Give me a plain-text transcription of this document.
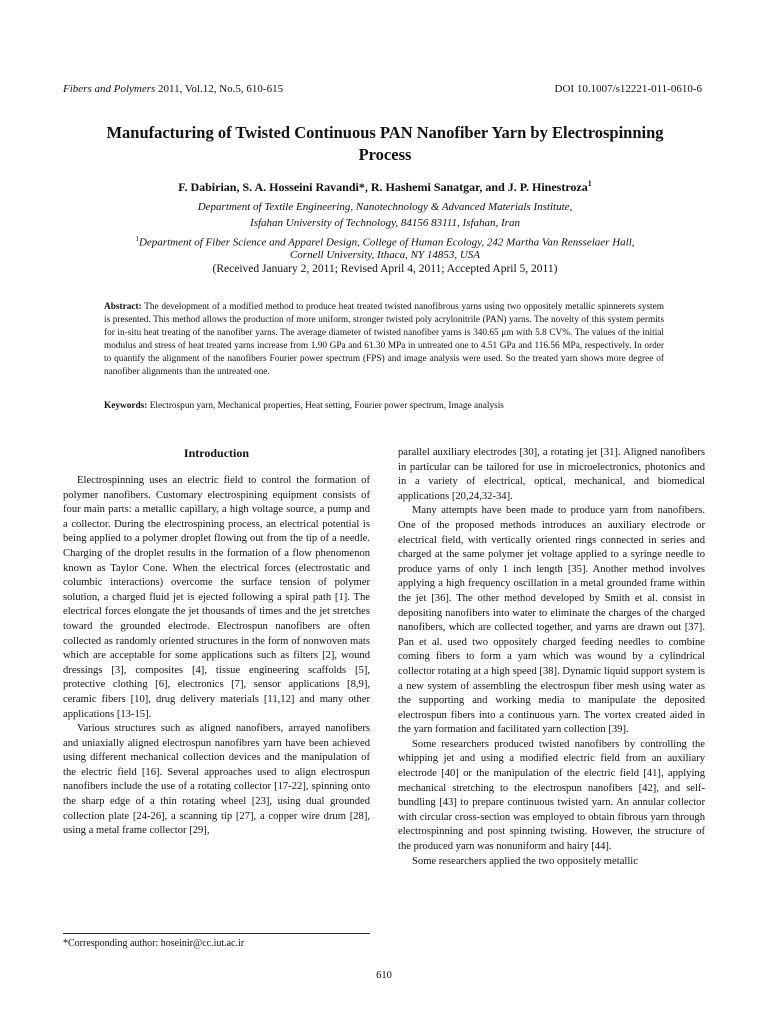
Fibers and Polymers 2011, Vol.12, No.5, 610-615	DOI 10.1007/s12221-011-0610-6
Manufacturing of Twisted Continuous PAN Nanofiber Yarn by Electrospinning Process
F. Dabirian, S. A. Hosseini Ravandi*, R. Hashemi Sanatgar, and J. P. Hinestroza$^1$
Department of Textile Engineering, Nanotechnology & Advanced Materials Institute,
Isfahan University of Technology, 84156 83111, Isfahan, Iran
$^1$Department of Fiber Science and Apparel Design, College of Human Ecology, 242 Martha Van Rensselaer Hall,
Cornell University, Ithaca, NY 14853, USA
(Received January 2, 2011; Revised April 4, 2011; Accepted April 5, 2011)
Abstract: The development of a modified method to produce heat treated twisted nanofibrous yarns using two oppositely metallic spinnerets system is presented. This method allows the production of more uniform, stronger twisted poly acrylonitrile (PAN) yarns. The novelty of this system permits for in-situ heat treating of the nanofiber yarns. The average diameter of twisted nanofiber yarns is 340.65 μm with 5.8 CV%. The values of the initial modulus and stress of heat treated yarns increase from 1.90 GPa and 61.30 MPa in untreated one to 4.51 GPa and 116.56 MPa, respectively. In order to quantify the alignment of the nanofibers Fourier power spectrum (FPS) and image analysis were used. So the treated yarn shows more degree of nanofiber alignments than the untreated one.
Keywords: Electrospun yarn, Mechanical properties, Heat setting, Fourier power spectrum, Image analysis
Introduction

Electrospinning uses an electric field to control the formation of polymer nanofibers. Customary electrospining equipment consists of four main parts: a metallic capillary, a high voltage source, a pump and a collector. During the electrospining process, an electrical potential is being applied to a polymer droplet flowing out from the tip of a needle. Charging of the droplet results in the formation of a flow phenomenon known as Taylor Cone. When the electrical forces (electrostatic and columbic interactions) overcome the surface tension of polymer solution, a charged fluid jet is ejected following a spiral path [1]. The electrical forces elongate the jet thousands of times and the jet stretches toward the grounded electrode. Electrospun nanofibers are often collected as randomly oriented structures in the form of nonwoven mats which are acceptable for some applications such as filters [2], wound dressings [3], composites [4], tissue engineering scaffolds [5], protective clothing [6], electronics [7], sensor applications [8,9], ceramic fibers [10], drug delivery materials [11,12] and many other applications [13-15].

Various structures such as aligned nanofibers, arrayed nanofibers and uniaxially aligned electrospun nanofibres yarn have been achieved using different mechanical collection devices and the manipulation of the electric field [16]. Several approaches used to align electrospun nanofibers include the use of a rotating collector [17-22], spinning onto the sharp edge of a thin rotating wheel [23], using dual grounded collection plate [24-26], a scanning tip [27], a copper wire drum [28], using a metal frame collector [29],

parallel auxiliary electrodes [30], a rotating jet [31]. Aligned nanofibers in particular can be tailored for use in microelectronics, photonics and in a variety of electrical, optical, mechanical, and biomedical applications [20,24,32-34].

Many attempts have been made to produce yarn from nanofibers. One of the proposed methods introduces an auxiliary electrode or electrical field, with vertically oriented rings connected in series and charged at the same polymer jet voltage applied to a syringe needle to produce yarns of only 1 inch length [35]. Another method involves applying a high frequency oscillation in a metal grounded frame within the jet [36]. The other method developed by Smith et al. consist in depositing nanofibers into water to eliminate the charges of the charged nanofibers, which are collected together, and yarns are drawn out [37]. Pan et al. used two oppositely charged feeding needles to combine coming fibers to form a yarn which was wound by a cylindrical collector rotating at a high speed [38]. Dynamic liquid support system is a new system of assembling the electrospun fiber mesh using water as the supporting and working media to manipulate the deposited electrospun fibers into a continuous yarn. The vortex created aided in the yarn formation and facilitated yarn collection [39].

Some researchers produced twisted nanofibers by controlling the whipping jet and using a modified electric field from an auxiliary electrode [40] or the manipulation of the electric field [41], applying mechanical stretching to the electrospun nanofibers [42], and self-bundling [43] to prepare continuous twisted yarn. An annular collector with circular cross-section was employed to obtain fibrous yarn through electrospinning and post spinning twisting. However, the structure of the produced yarn was nonuniform and hairy [44].

Some researchers applied the two oppositely metallic

*Corresponding author: hoseinir@cc.iut.ac.ir
610
